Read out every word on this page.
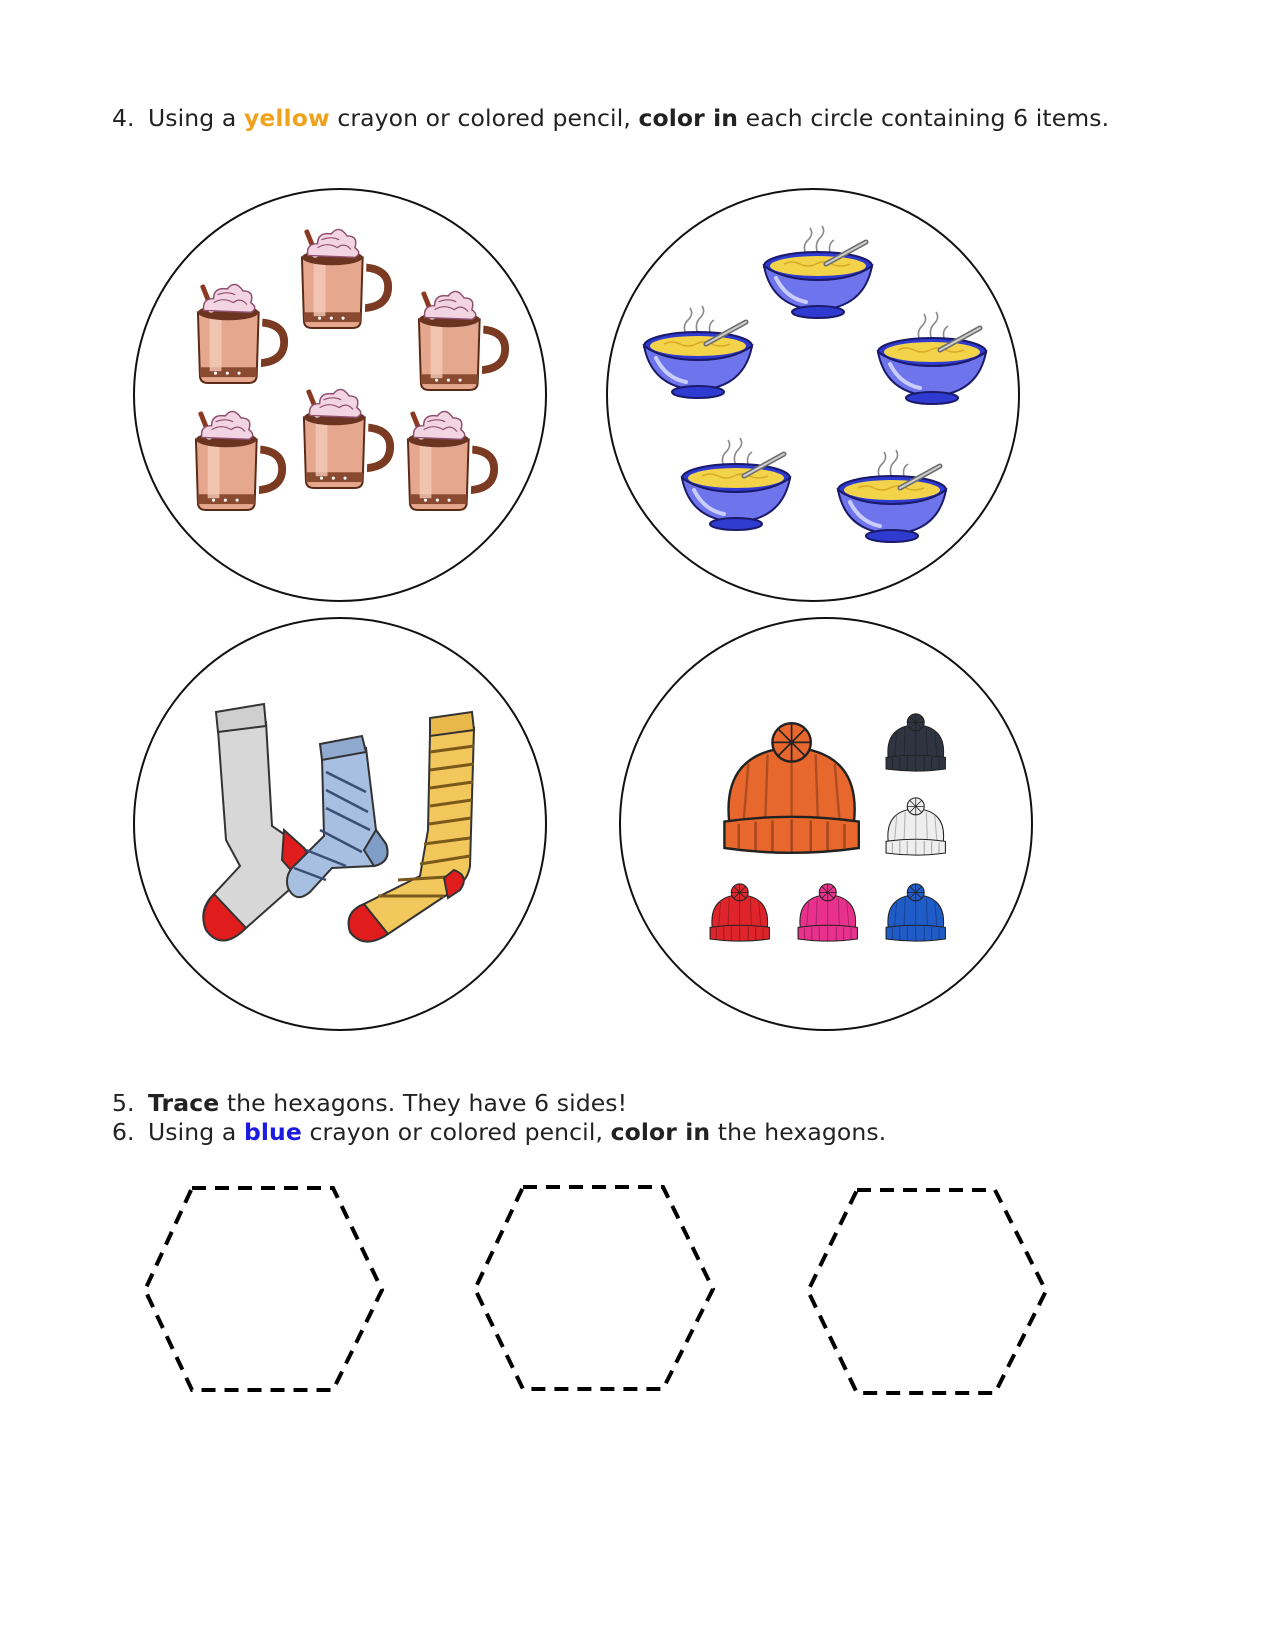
4. Using a yellow crayon or colored pencil, color in each circle containing 6 items.
5. Trace the hexagons. They have 6 sides!
6. Using a blue crayon or colored pencil, color in the hexagons.
